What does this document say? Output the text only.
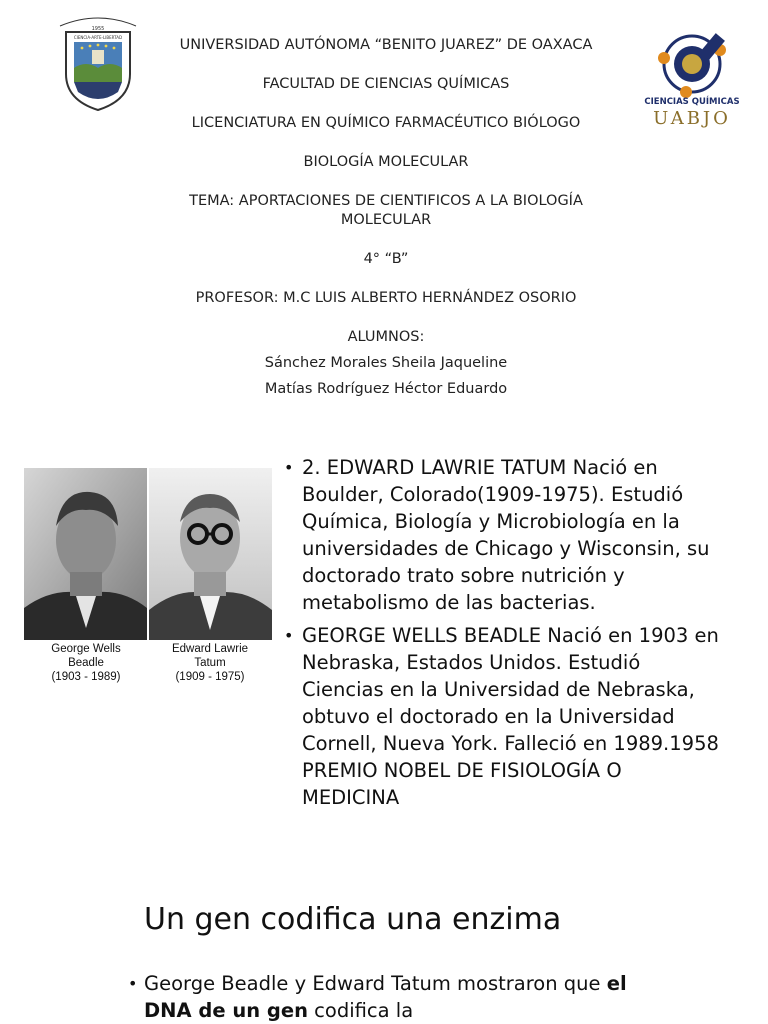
1955
CIENCIA-ARTE-LIBERTAD	UNIVERSIDAD AUTÓNOMA “BENITO JUAREZ” DE OAXACA
FACULTAD DE CIENCIAS QUÍMICAS
LICENCIATURA EN QUÍMICO FARMACÉUTICO BIÓLOGO
BIOLOGÍA MOLECULAR
TEMA: APORTACIONES DE CIENTIFICOS A LA BIOLOGÍA MOLECULAR
4° “B”
PROFESOR: M.C LUIS ALBERTO HERNÁNDEZ OSORIO
ALUMNOS:
Sánchez Morales Sheila Jaqueline
Matías Rodríguez Héctor Eduardo
CIENCIAS QUÍMICAS
UABJO
George Wells
Beadle
(1903 - 1989)
Edward Lawrie
Tatum
(1909 - 1975)
• 2. EDWARD LAWRIE TATUM Nació en Boulder, Colorado(1909-1975). Estudió Química, Biología y Microbiología en la universidades de Chicago y Wisconsin, su doctorado trato sobre nutrición y metabolismo de las bacterias.
• GEORGE WELLS BEADLE Nació en 1903 en Nebraska, Estados Unidos. Estudió Ciencias en la Universidad de Nebraska, obtuvo el doctorado en la Universidad Cornell, Nueva York. Falleció en 1989.1958 PREMIO NOBEL DE FISIOLOGÍA O MEDICINA
Un gen codifica una enzima
• George Beadle y Edward Tatum mostraron que el DNA de un gen codifica la
